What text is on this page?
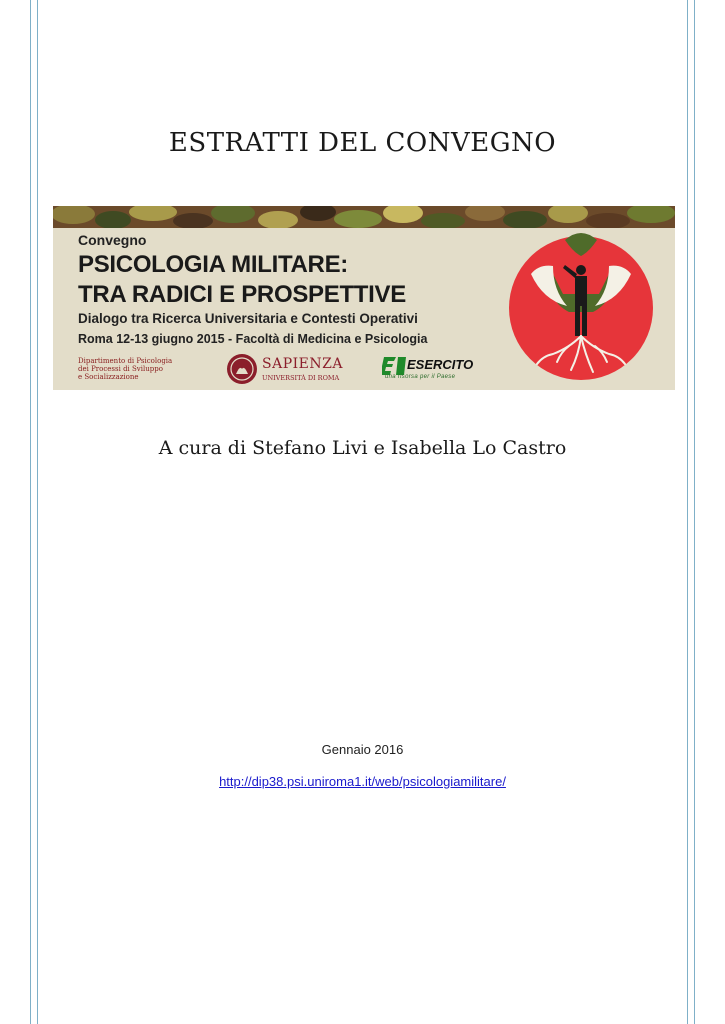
ESTRATTI DEL CONVEGNO
Convegno
PSICOLOGIA MILITARE:
TRA RADICI E PROSPETTIVE
Dialogo tra Ricerca Universitaria e Contesti Operativi
Roma 12-13 giugno 2015 - Facoltà di Medicina e Psicologia
Dipartimento di Psicologia
dei Processi di Sviluppo
e Socializzazione
SAPIENZA
UNIVERSITÀ DI ROMA
ESERCITO
una risorsa per il Paese
A cura di Stefano Livi e Isabella Lo Castro
Gennaio 2016
http://dip38.psi.uniroma1.it/web/psicologiamilitare/
